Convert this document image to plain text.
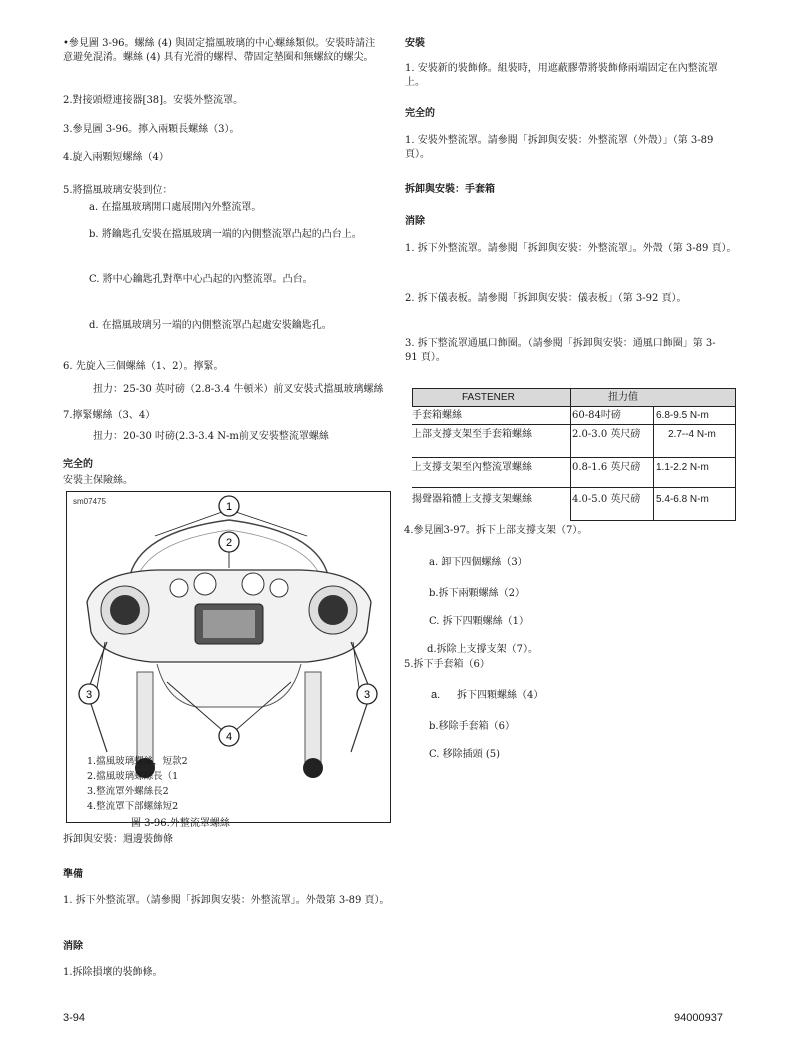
•參見圖 3-96。螺絲 (4) 與固定擋風玻璃的中心螺絲類似。安裝時請注意避免混淆。螺絲 (4) 具有光滑的螺桿、帶固定墊圈和無螺紋的螺尖。
2.對接頭燈連接器[38]。安裝外整流罩。
3.參見圖 3-96。擰入兩顆長螺絲（3）。
4.旋入兩顆短螺絲（4）
5.將擋風玻璃安裝到位：
a. 在擋風玻璃開口處展開內外整流罩。
b. 將鑰匙孔安裝在擋風玻璃一端的內側整流罩凸起的凸台上。
C. 將中心鑰匙孔對準中心凸起的內整流罩。凸台。
d. 在擋風玻璃另一端的內側整流罩凸起處安裝鑰匙孔。
6. 先旋入三個螺絲（1、2）。擰緊。
扭力：25-30 英吋磅（2.8-3.4 牛頓米）前叉安裝式擋風玻璃螺絲
7.擰緊螺絲（3、4）
扭力：20-30 吋磅(2.3-3.4 N-m前叉安裝整流罩螺絲
完全的
安裝主保險絲。
sm07475	1
2
3	3
4
1.擋風玻璃螺絲，短款2
2.擋風玻璃螺絲長（1
3.整流罩外螺絲長2
4.整流罩下部螺絲短2
圖 3-96.外整流罩螺絲
拆卸與安裝：週邊裝飾條
準備
1. 拆下外整流罩。（請參閱「拆卸與安裝：外整流罩」。外殼第 3-89 頁）。
消除
1.拆除損壞的裝飾條。
安裝
1. 安裝新的裝飾條。組裝時，用遮蔽膠帶將裝飾條兩端固定在內整流罩上。
完全的
1. 安裝外整流罩。請參閱「拆卸與安裝：外整流罩（外殼）」（第 3-89 頁）。
拆卸與安裝：手套箱
消除
1. 拆下外整流罩。請參閱「拆卸與安裝：外整流罩」。外殼（第 3-89 頁）。
2. 拆下儀表板。請參閱「拆卸與安裝：儀表板」（第 3-92 頁）。
3. 拆下整流罩通風口飾圈。（請參閱「拆卸與安裝：通風口飾圈」第 3-91 頁）。
FASTENER	扭力值
手套箱螺絲	60-84吋磅	6.8-9.5 N-m
上部支撐支架至手套箱螺絲	2.0-3.0 英尺磅	2.7--4 N-m
上支撐支架至內整流罩螺絲	0.8-1.6 英尺磅 1.1-2.2 N-m
揚聲器箱體上支撐支架螺絲	4.0-5.0 英尺磅 5.4-6.8 N-m
4.參見圖3-97。拆下上部支撐支架（7）。
a. 卸下四個螺絲（3）
b.拆下兩顆螺絲（2）
C. 拆下四顆螺絲（1）
d.拆除上支撐支架（7）。
5.拆下手套箱（6）
a. 拆下四顆螺絲（4）
b.移除手套箱（6）
C. 移除插頭 (5)
3-94	94000937
